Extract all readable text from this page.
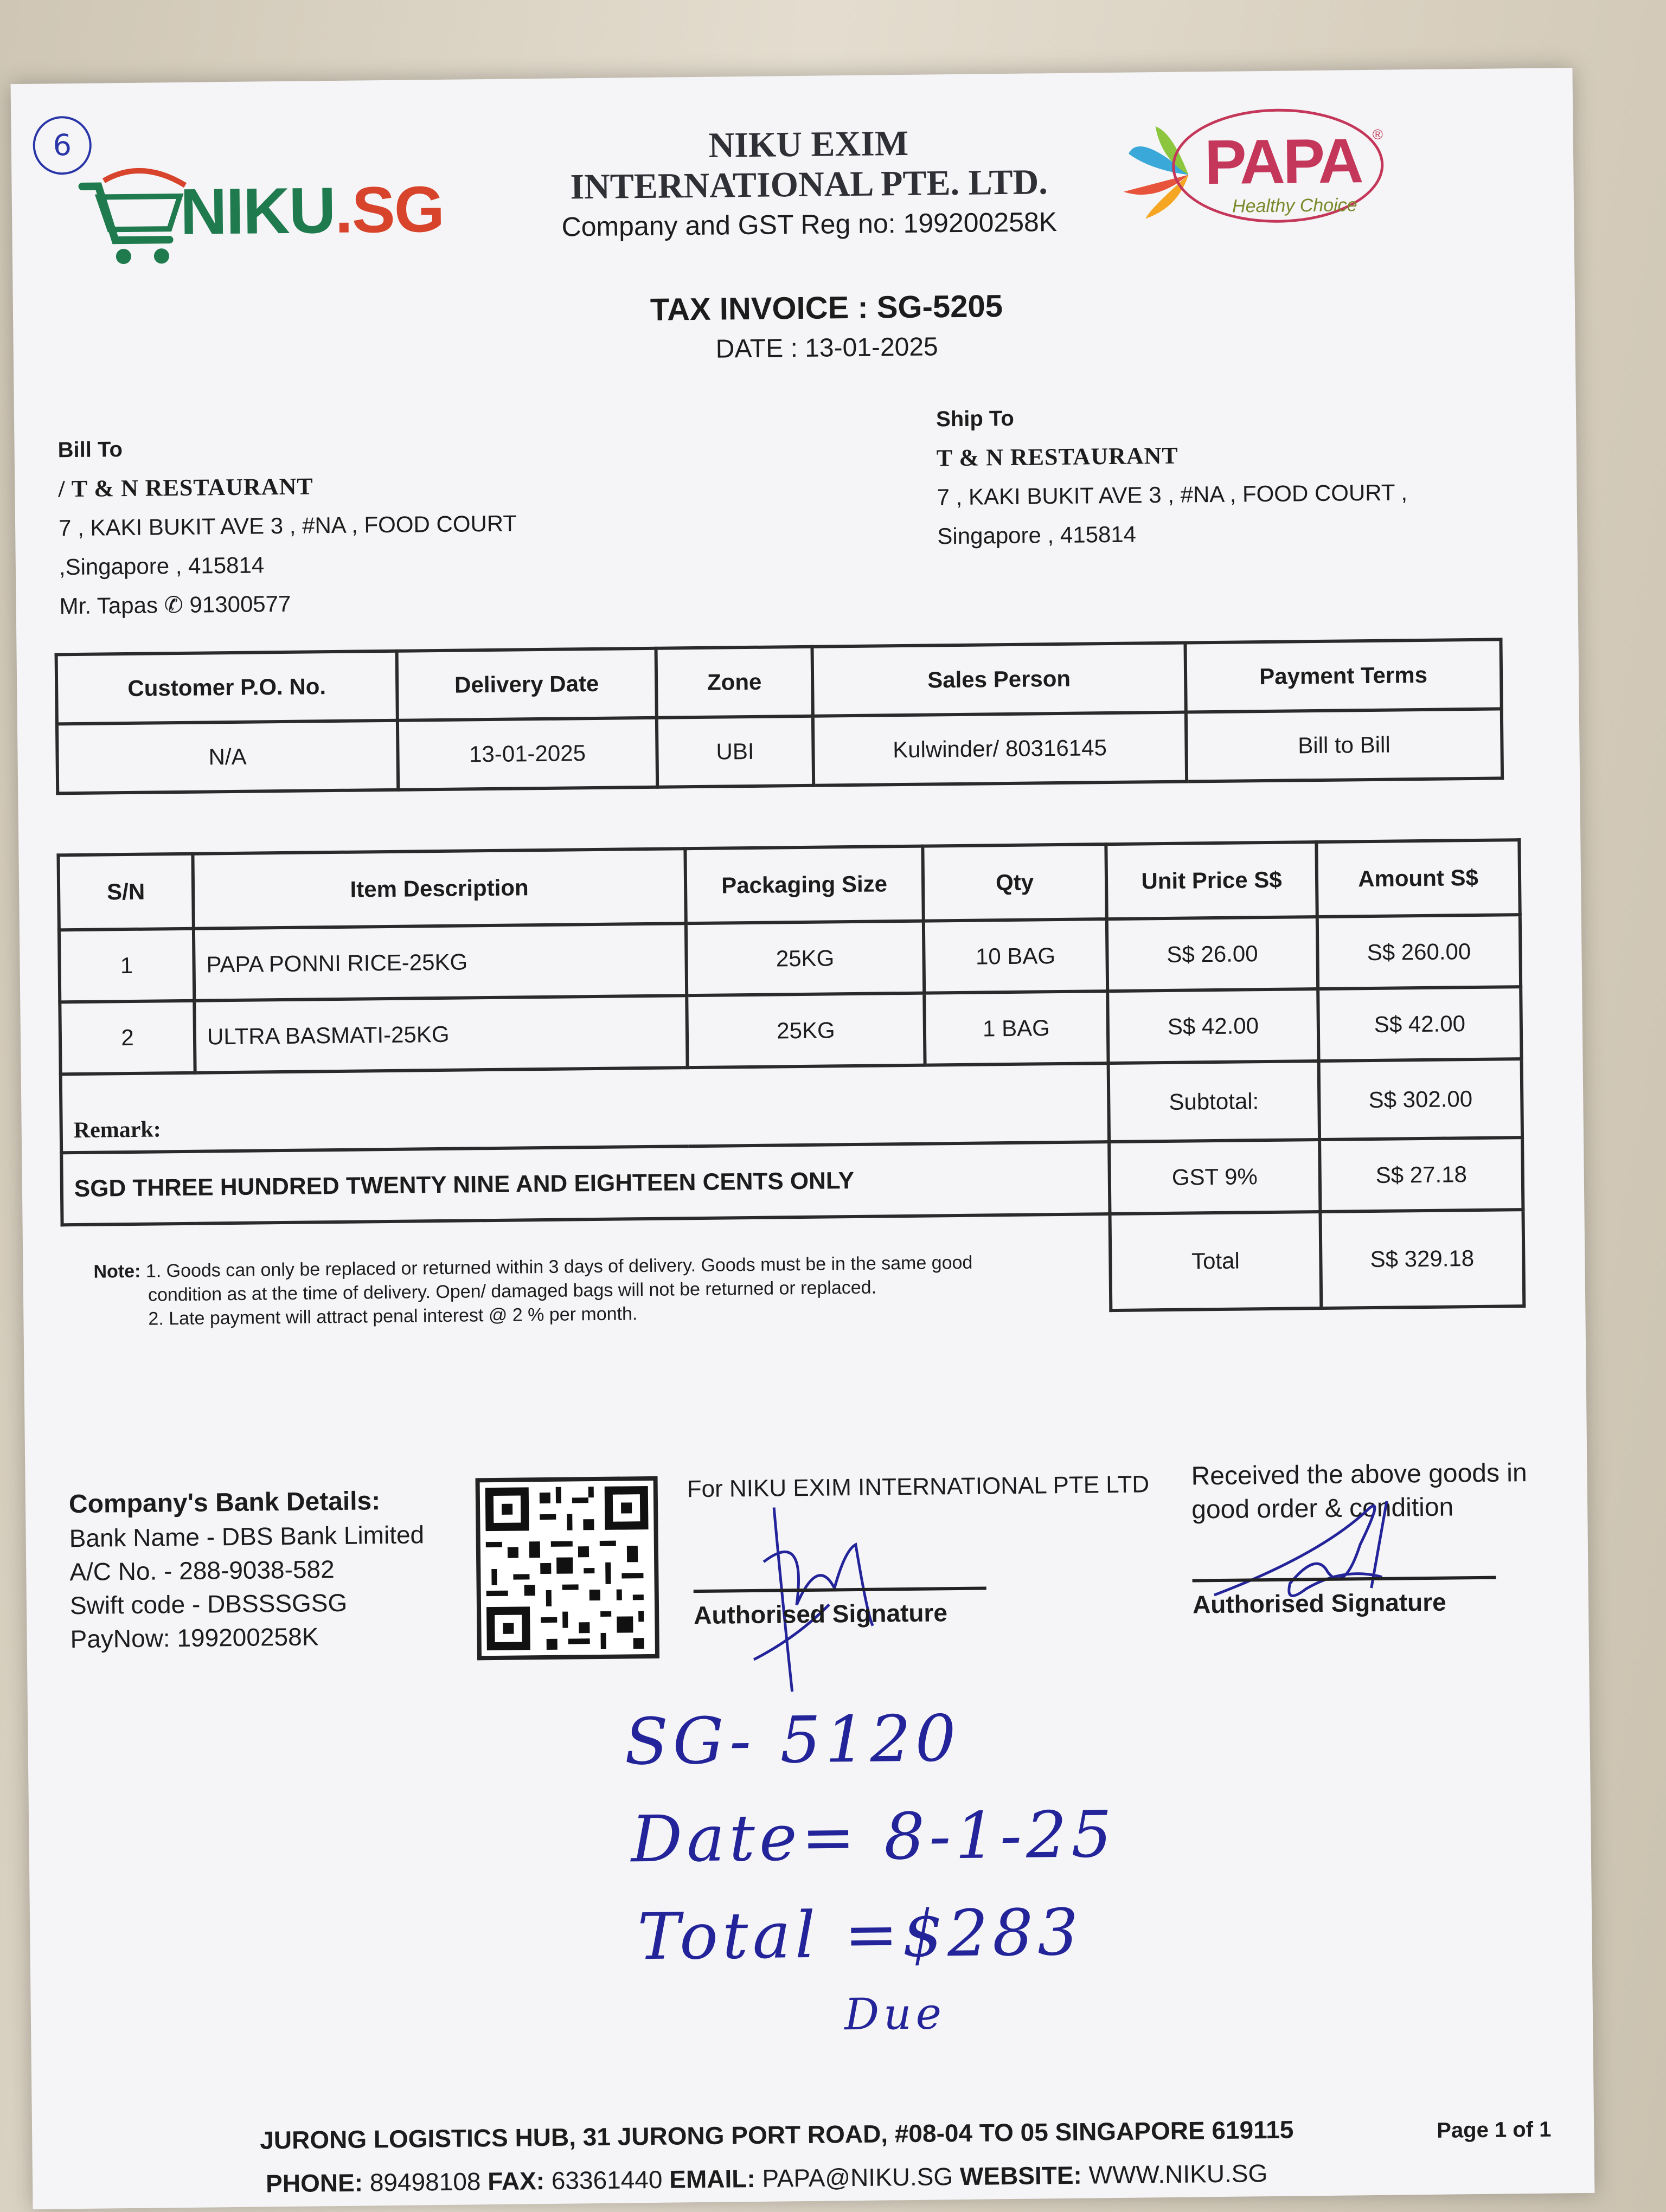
6
NIKU.SG
NIKU EXIM
INTERNATIONAL PTE. LTD.
Company and GST Reg no: 199200258K
PAPA ®
Healthy Choice
TAX INVOICE : SG-5205
DATE : 13-01-2025
Bill To
/ T & N RESTAURANT
7 , KAKI BUKIT AVE 3 , #NA , FOOD COURT
,Singapore , 415814
Mr. Tapas ✆ 91300577
Ship To
T & N RESTAURANT
7 , KAKI BUKIT AVE 3 , #NA , FOOD COURT ,
Singapore , 415814
Customer P.O. No.	Delivery Date	Zone	Sales Person	Payment Terms
N/A	13-01-2025	UBI	Kulwinder/ 80316145	Bill to Bill
S/N	Item Description	Packaging Size	Qty	Unit Price S$	Amount S$
1	PAPA PONNI RICE-25KG	25KG	10 BAG	S$ 26.00	S$ 260.00
2	ULTRA BASMATI-25KG	25KG	1 BAG	S$ 42.00	S$ 42.00
Remark:				Subtotal:	S$ 302.00
SGD THREE HUNDRED TWENTY NINE AND EIGHTEEN CENTS ONLY				GST 9%	S$ 27.18
				Total	S$ 329.18
Note: 1. Goods can only be replaced or returned within 3 days of delivery. Goods must be in the same good
condition as at the time of delivery. Open/ damaged bags will not be returned or replaced.
2. Late payment will attract penal interest @ 2 % per month.
Company's Bank Details:
Bank Name - DBS Bank Limited
A/C No. - 288-9038-582
Swift code - DBSSSGSG
PayNow: 199200258K
For NIKU EXIM INTERNATIONAL PTE LTD
Authorised Signature
Received the above goods in good order & condition
Authorised Signature
SG- 5120
Date= 8-1-25
Total =$283
Due
JURONG LOGISTICS HUB, 31 JURONG PORT ROAD, #08-04 TO 05 SINGAPORE 619115	Page 1 of 1
PHONE: 89498108 FAX: 63361440 EMAIL: PAPA@NIKU.SG WEBSITE: WWW.NIKU.SG
